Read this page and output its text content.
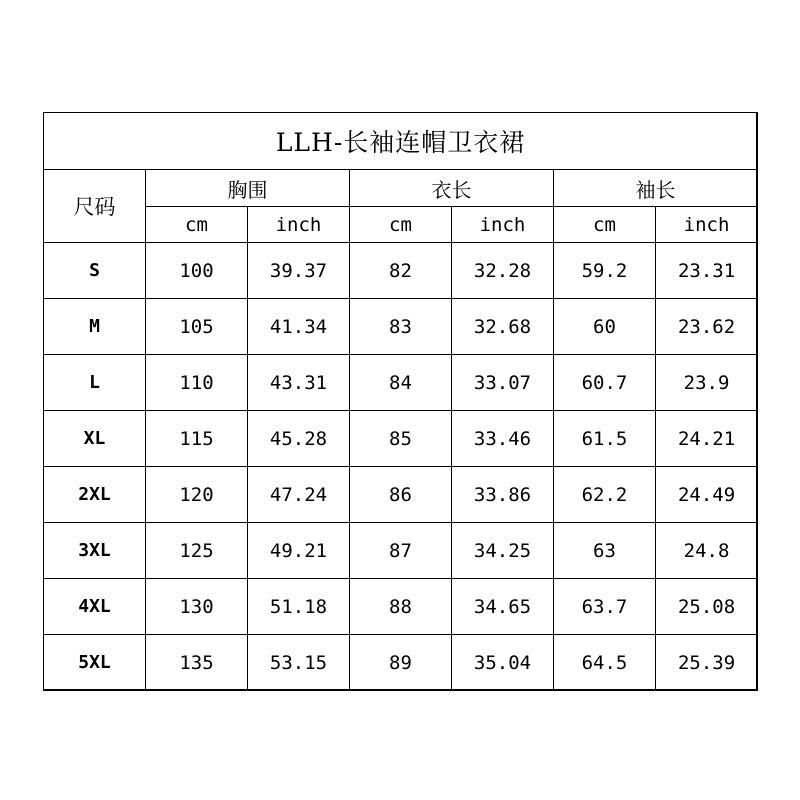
LLH-长袖连帽卫衣裙						
尺码	胸围		衣长		袖长	
	cm	inch	cm	inch	cm	inch
S	100	39.37	82	32.28	59.2	23.31
M	105	41.34	83	32.68	60	23.62
L	110	43.31	84	33.07	60.7	23.9
XL	115	45.28	85	33.46	61.5	24.21
2XL	120	47.24	86	33.86	62.2	24.49
3XL	125	49.21	87	34.25	63	24.8
4XL	130	51.18	88	34.65	63.7	25.08
5XL	135	53.15	89	35.04	64.5	25.39
